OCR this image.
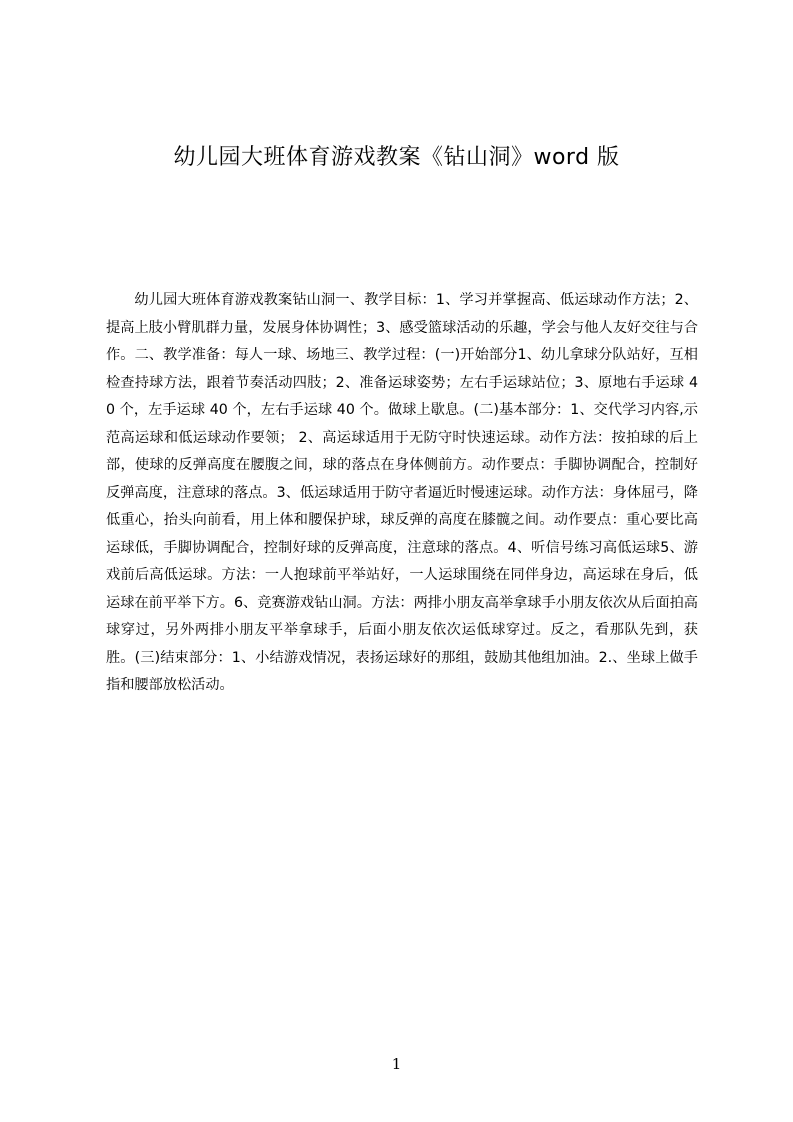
幼儿园大班体育游戏教案《钻山洞》word 版

幼儿园大班体育游戏教案钻山洞一、教学目标：1、学习并掌握高、低运球动作方法；2、提高上肢小臂肌群力量，发展身体协调性；3、感受篮球活动的乐趣，学会与他人友好交往与合作。二、教学准备：每人一球、场地三、教学过程：(一)开始部分1、幼儿拿球分队站好，互相检查持球方法，跟着节奏活动四肢；2、准备运球姿势；左右手运球站位；3、原地右手运球 40 个，左手运球 40 个，左右手运球 40 个。做球上歇息。(二)基本部分：1、交代学习内容,示范高运球和低运球动作要领； 2、高运球适用于无防守时快速运球。动作方法：按拍球的后上部，使球的反弹高度在腰腹之间，球的落点在身体侧前方。动作要点：手脚协调配合，控制好反弹高度，注意球的落点。3、低运球适用于防守者逼近时慢速运球。动作方法：身体屈弓，降低重心，抬头向前看，用上体和腰保护球，球反弹的高度在膝髋之间。动作要点：重心要比高运球低，手脚协调配合，控制好球的反弹高度，注意球的落点。4、听信号练习高低运球5、游戏前后高低运球。方法：一人抱球前平举站好，一人运球围绕在同伴身边，高运球在身后，低运球在前平举下方。6、竞赛游戏钻山洞。方法：两排小朋友高举拿球手小朋友依次从后面拍高球穿过，另外两排小朋友平举拿球手，后面小朋友依次运低球穿过。反之，看那队先到，获胜。(三)结束部分：1、小结游戏情况，表扬运球好的那组，鼓励其他组加油。2.、坐球上做手指和腰部放松活动。

1
